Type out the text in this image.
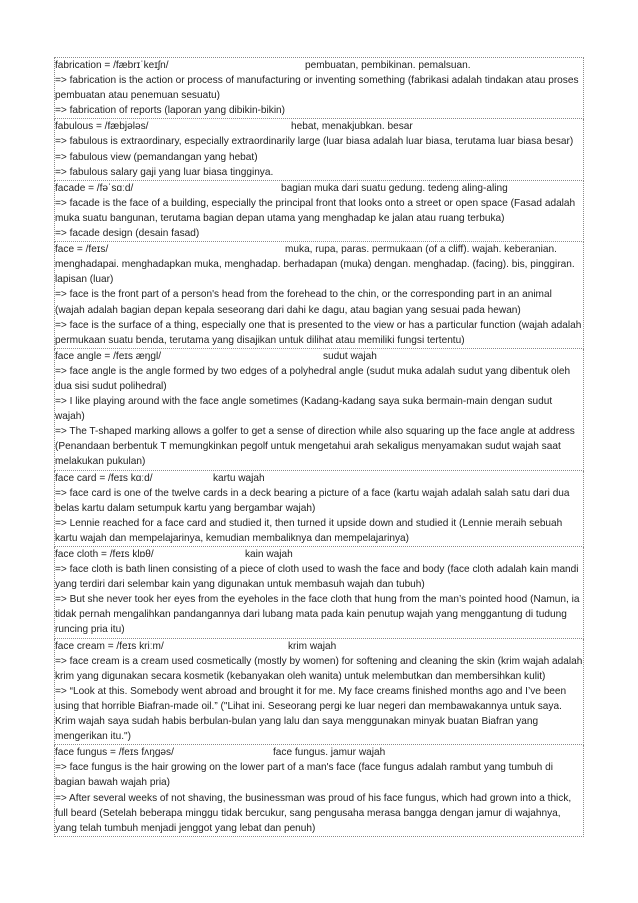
fabrication = /fæbrɪˈkeɪʃn/	pembuatan, pembikinan. pemalsuan.
=> fabrication is the action or process of manufacturing or inventing something (fabrikasi adalah tindakan atau proses pembuatan atau penemuan sesuatu)
=> fabrication of reports (laporan yang dibikin-bikin)
fabulous = /fæbjələs/	hebat, menakjubkan. besar
=> fabulous is extraordinary, especially extraordinarily large (luar biasa adalah luar biasa, terutama luar biasa besar)
=> fabulous view (pemandangan yang hebat)
=> fabulous salary gaji yang luar biasa tingginya.
facade = /fəˈsɑːd/	bagian muka dari suatu gedung. tedeng aling-aling
=> facade is the face of a building, especially the principal front that looks onto a street or open space (Fasad adalah muka suatu bangunan, terutama bagian depan utama yang menghadap ke jalan atau ruang terbuka)
=> facade design (desain fasad)
face = /feɪs/	muka, rupa, paras. permukaan (of a cliff). wajah. keberanian.
menghadapai. menghadapkan muka, menghadap. berhadapan (muka) dengan. menghadap. (facing). bis, pinggiran. lapisan (luar)
=> face is the front part of a person's head from the forehead to the chin, or the corresponding part in an animal (wajah adalah bagian depan kepala seseorang dari dahi ke dagu, atau bagian yang sesuai pada hewan)
=> face is the surface of a thing, especially one that is presented to the view or has a particular function (wajah adalah permukaan suatu benda, terutama yang disajikan untuk dilihat atau memiliki fungsi tertentu)
face angle = /feɪs æŋgl/	sudut wajah
=> face angle is the angle formed by two edges of a polyhedral angle (sudut muka adalah sudut yang dibentuk oleh dua sisi sudut polihedral)
=> I like playing around with the face angle sometimes (Kadang-kadang saya suka bermain-main dengan sudut wajah)
=> The T-shaped marking allows a golfer to get a sense of direction while also squaring up the face angle at address (Penandaan berbentuk T memungkinkan pegolf untuk mengetahui arah sekaligus menyamakan sudut wajah saat melakukan pukulan)
face card = /feɪs kɑːd/	kartu wajah
=> face card is one of the twelve cards in a deck bearing a picture of a face (kartu wajah adalah salah satu dari dua belas kartu dalam setumpuk kartu yang bergambar wajah)
=> Lennie reached for a face card and studied it, then turned it upside down and studied it (Lennie meraih sebuah kartu wajah dan mempelajarinya, kemudian membaliknya dan mempelajarinya)
face cloth = /feɪs klɒθ/	kain wajah
=> face cloth is bath linen consisting of a piece of cloth used to wash the face and body (face cloth adalah kain mandi yang terdiri dari selembar kain yang digunakan untuk membasuh wajah dan tubuh)
=> But she never took her eyes from the eyeholes in the face cloth that hung from the man’s pointed hood (Namun, ia tidak pernah mengalihkan pandangannya dari lubang mata pada kain penutup wajah yang menggantung di tudung runcing pria itu)
face cream = /feɪs kriːm/	krim wajah
=> face cream is a cream used cosmetically (mostly by women) for softening and cleaning the skin (krim wajah adalah krim yang digunakan secara kosmetik (kebanyakan oleh wanita) untuk melembutkan dan membersihkan kulit)
=> “Look at this. Somebody went abroad and brought it for me. My face creams finished months ago and I’ve been using that horrible Biafran-made oil.” ("Lihat ini. Seseorang pergi ke luar negeri dan membawakannya untuk saya. Krim wajah saya sudah habis berbulan-bulan yang lalu dan saya menggunakan minyak buatan Biafran yang mengerikan itu.")
face fungus = /feɪs fʌŋgəs/	face fungus. jamur wajah
=> face fungus is the hair growing on the lower part of a man's face (face fungus adalah rambut yang tumbuh di bagian bawah wajah pria)
=> After several weeks of not shaving, the businessman was proud of his face fungus, which had grown into a thick, full beard (Setelah beberapa minggu tidak bercukur, sang pengusaha merasa bangga dengan jamur di wajahnya, yang telah tumbuh menjadi jenggot yang lebat dan penuh)
